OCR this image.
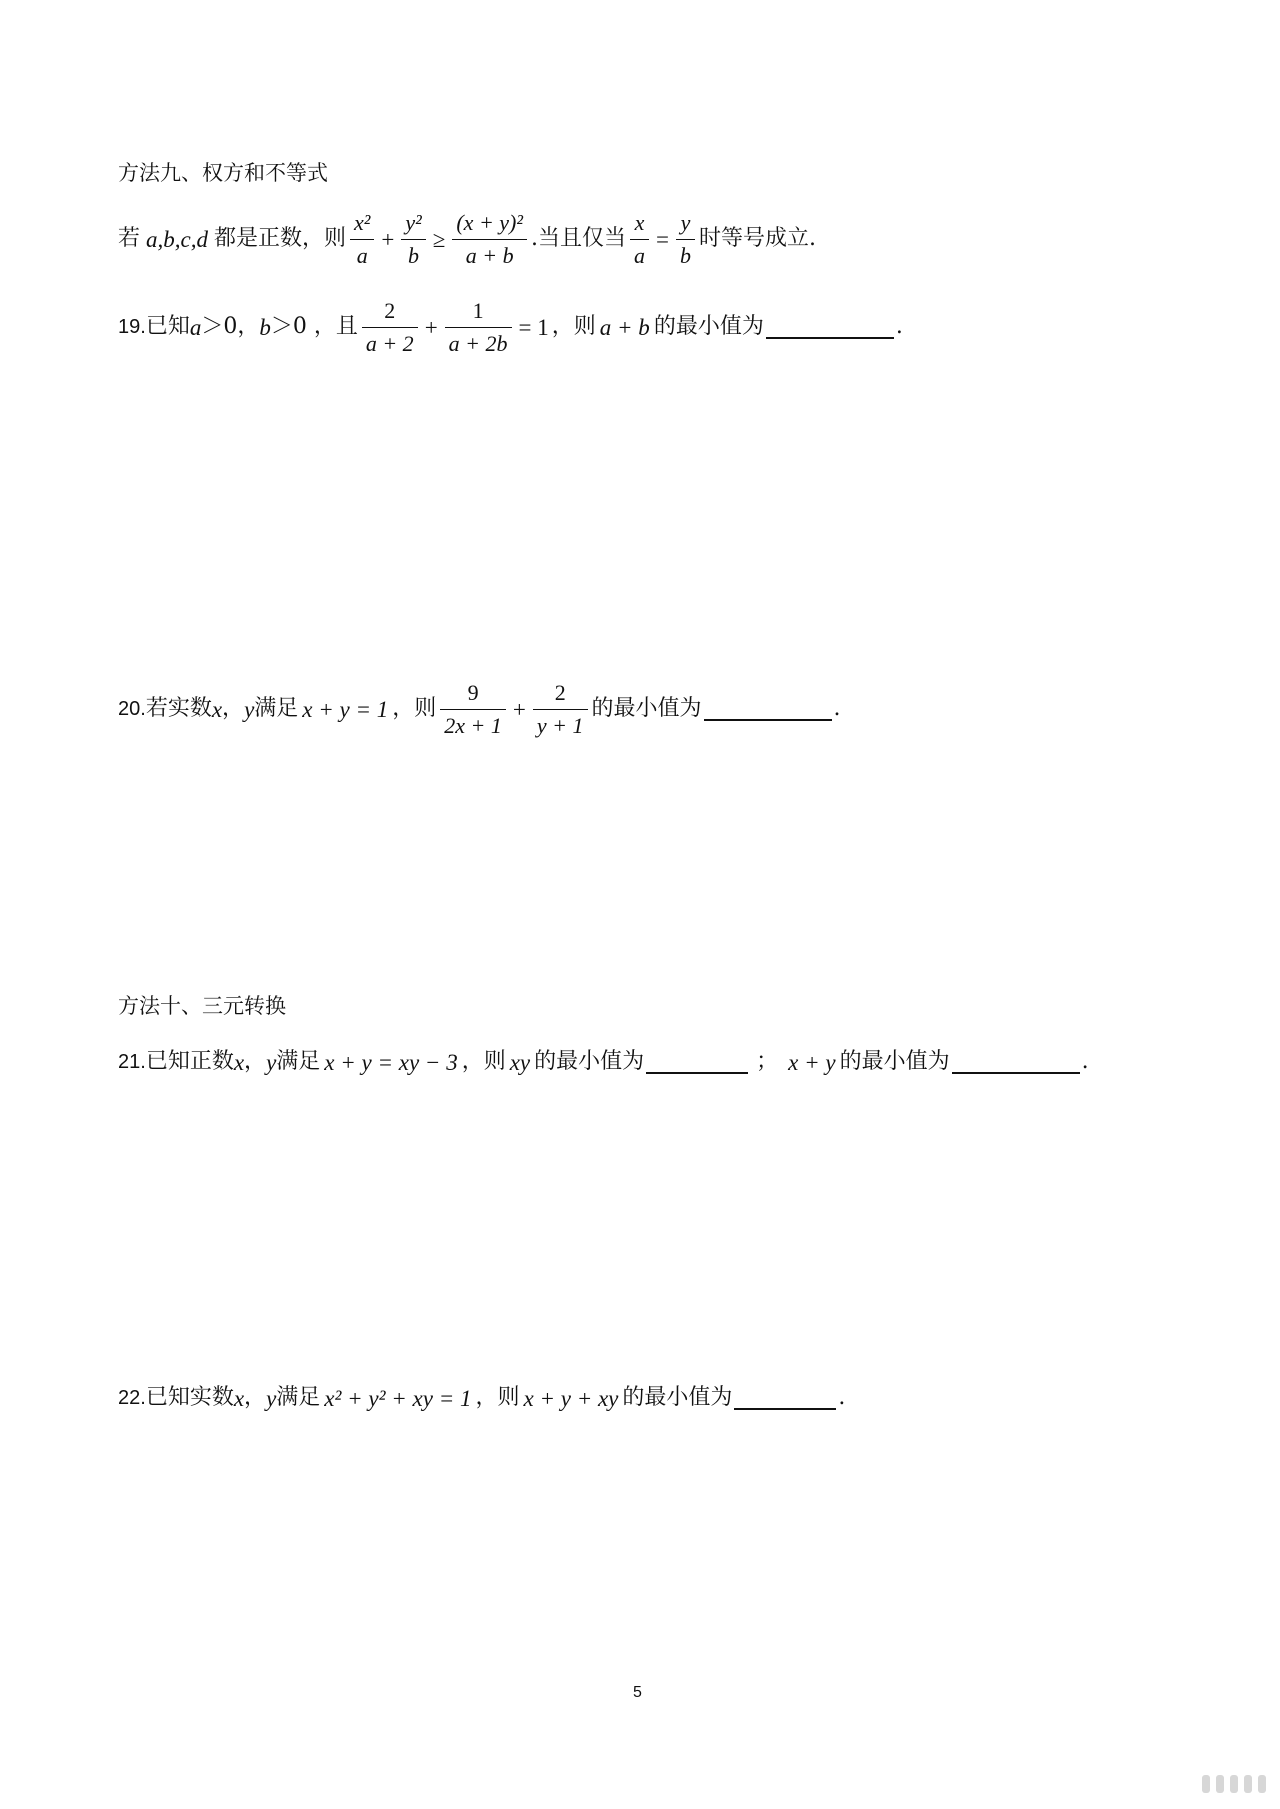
方法九、权方和不等式
若 a,b,c,d 都是正数，则 $\frac{\text{x²}}{a} + \frac{\text{y²}}{b} \ge \frac{\text{(x + y)²}}{a + b}$ .当且仅当 $\frac{x}{a} = \frac{y}{b}$ 时等号成立.
19. 已知 a ＞0， b ＞0 ，且 $\frac{2}{a + 2} + \frac{1}{a + 2b} = 1$ ，则 a + b 的最小值为	.
20. 若实数 x ， y 满足 x + y = 1 ，则 $\frac{9}{2x + 1} + \frac{2}{y + 1}$ 的最小值为	.
方法十、三元转换
21. 已知正数 x ， y 满足 x + y = xy − 3 ，则 xy 的最小值为	； x + y 的最小值为	.
22. 已知实数 x ， y 满足 x² + y² + xy = 1 ，则 x + y + xy 的最小值为	.
5
